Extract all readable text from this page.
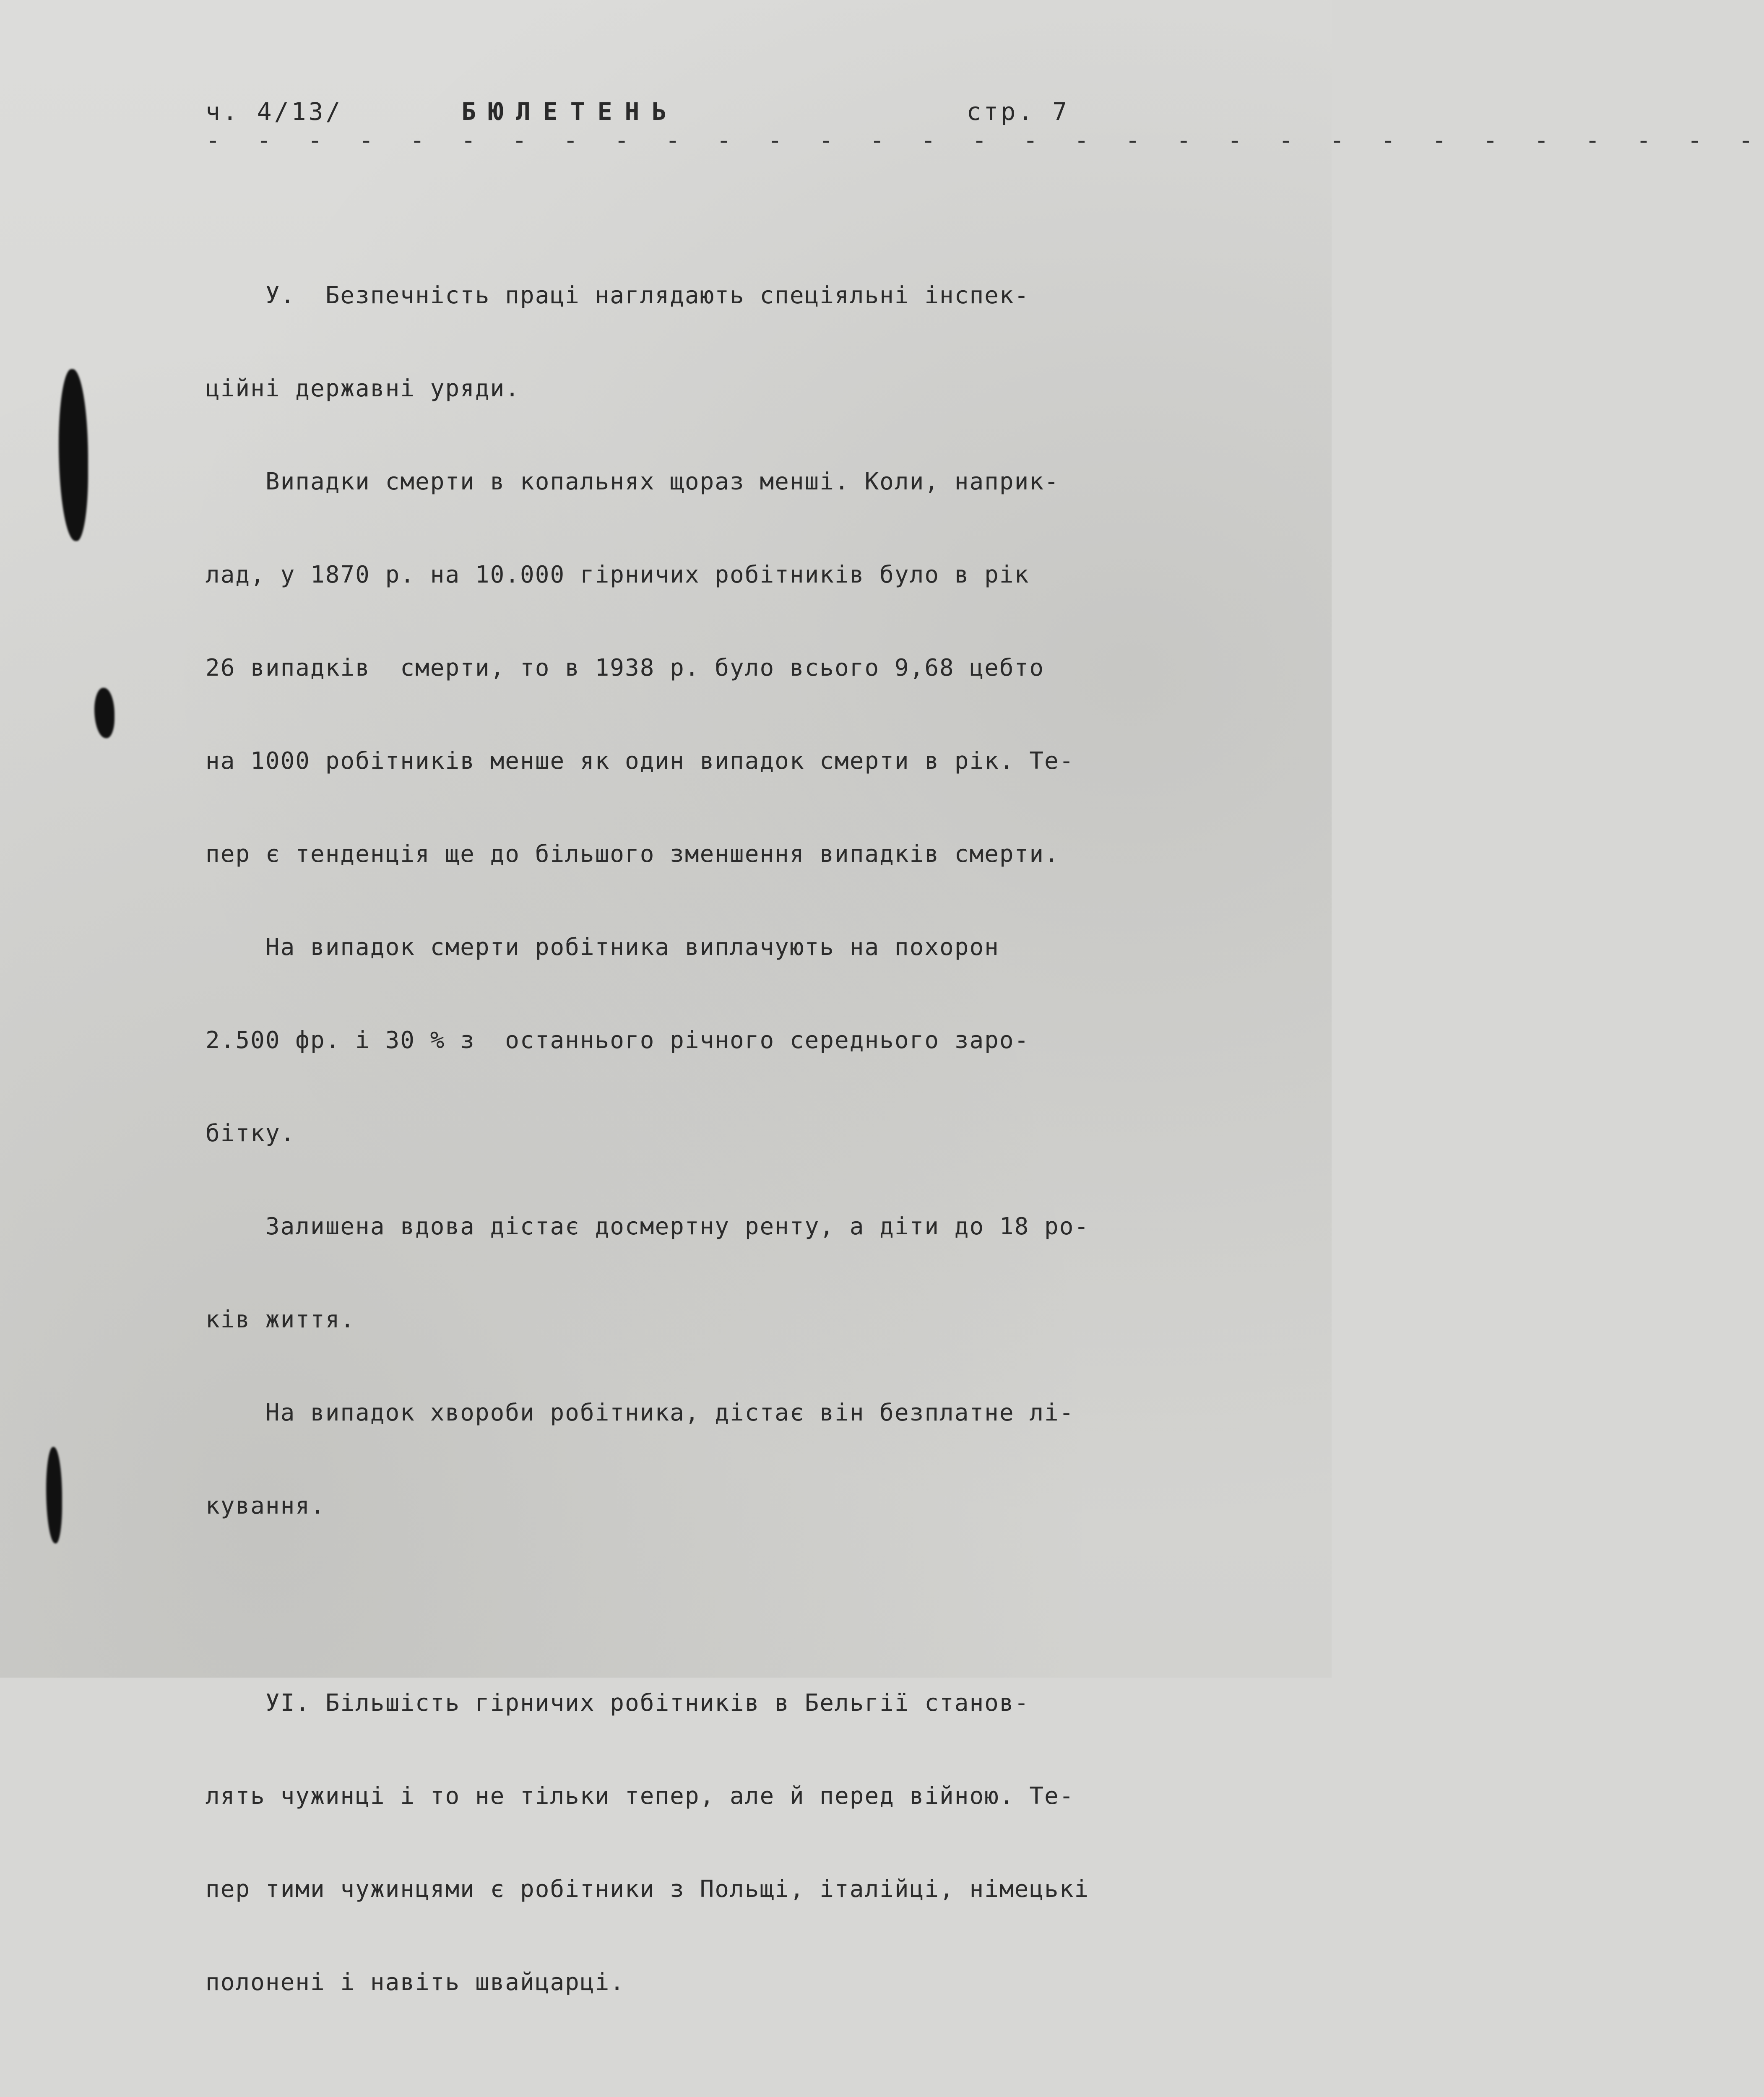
ч. 4/13/	БЮЛЕТЕНЬ	стр. 7
- - - - - - - - - - - - - - - - - - - - - - - - - - - - - - -

У.  Безпечність праці наглядають спеціяльні інспек-

ційні державні уряди.

Випадки смерти в копальнях щораз менші. Коли, наприк-

лад, у 1870 р. на 10.000 гірничих робітників було в рік

26 випадків  смерти, то в 1938 р. було всього 9,68 цебто

на 1000 робітників менше як один випадок смерти в рік. Те-

пер є тенденція ще до більшого зменшення випадків смерти.

На випадок смерти робітника виплачують на похорон

2.500 фр. і 30 % з  останнього річного середнього заро-

бітку.

Залишена вдова дістає досмертну ренту, а діти до 18 ро-

ків життя.

На випадок хвороби робітника, дістає він безплатне лі-

кування.

УІ. Більшість гірничих робітників в Бельгії станов-

лять чужинці і то не тільки тепер, але й перед війною. Те-

пер тими чужинцями є робітники з Польщі, італійці, німецькі

полонені і навіть швайцарці.
